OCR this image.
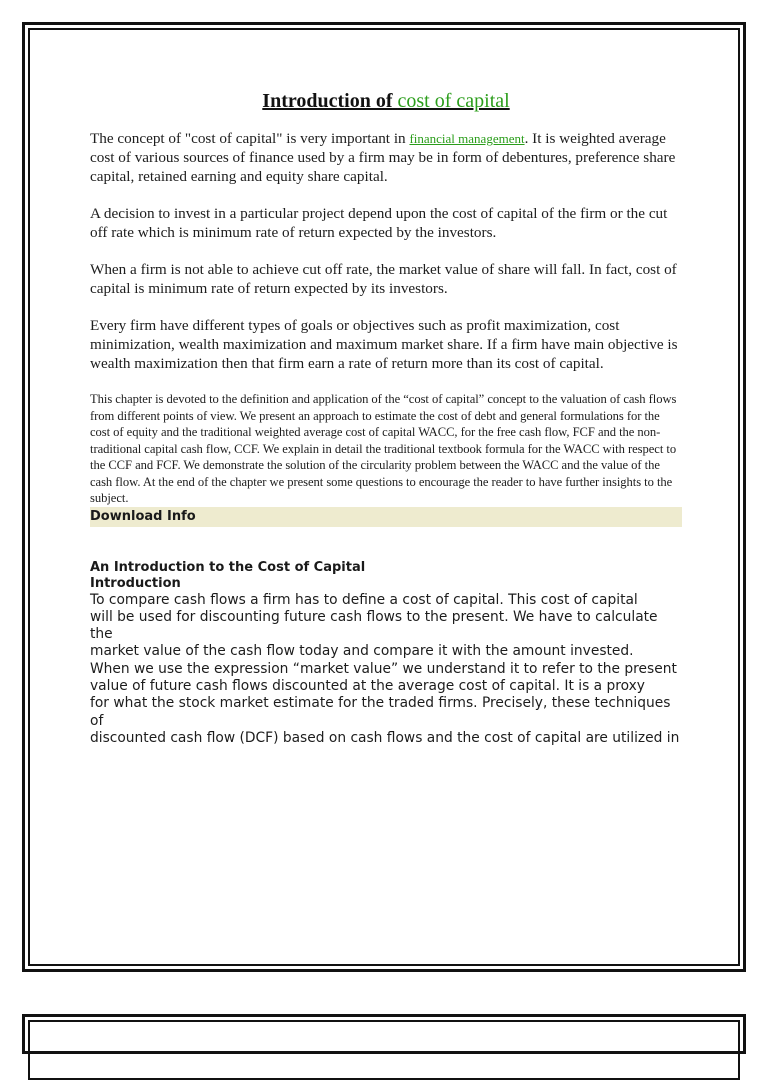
Introduction of cost of capital

The concept of "cost of capital" is very important in financial management. It is weighted average cost of various sources of finance used by a firm may be in form of debentures, preference share capital, retained earning and equity share capital.

A decision to invest in a particular project depend upon the cost of capital of the firm or the cut off rate which is minimum rate of return expected by the investors.

When a firm is not able to achieve cut off rate, the market value of share will fall. In fact, cost of capital is minimum rate of return expected by its investors.

Every firm have different types of goals or objectives such as profit maximization, cost minimization, wealth maximization and maximum market share. If a firm have main objective is wealth maximization then that firm earn a rate of return more than its cost of capital.

This chapter is devoted to the definition and application of the “cost of capital” concept to the valuation of cash flows from different points of view. We present an approach to estimate the cost of debt and general formulations for the cost of equity and the traditional weighted average cost of capital WACC, for the free cash flow, FCF and the non-traditional capital cash flow, CCF. We explain in detail the traditional textbook formula for the WACC with respect to the CCF and FCF. We demonstrate the solution of the circularity problem between the WACC and the value of the cash flow. At the end of the chapter we present some questions to encourage the reader to have further insights to the subject.

Download Info

An Introduction to the Cost of Capital

Introduction

To compare cash flows a firm has to define a cost of capital. This cost of capital

will be used for discounting future cash flows to the present. We have to calculate the

market value of the cash flow today and compare it with the amount invested.

When we use the expression “market value” we understand it to refer to the present value of future cash flows discounted at the average cost of capital. It is a proxy

for what the stock market estimate for the traded firms. Precisely, these techniques of

discounted cash flow (DCF) based on cash flows and the cost of capital are utilized in
